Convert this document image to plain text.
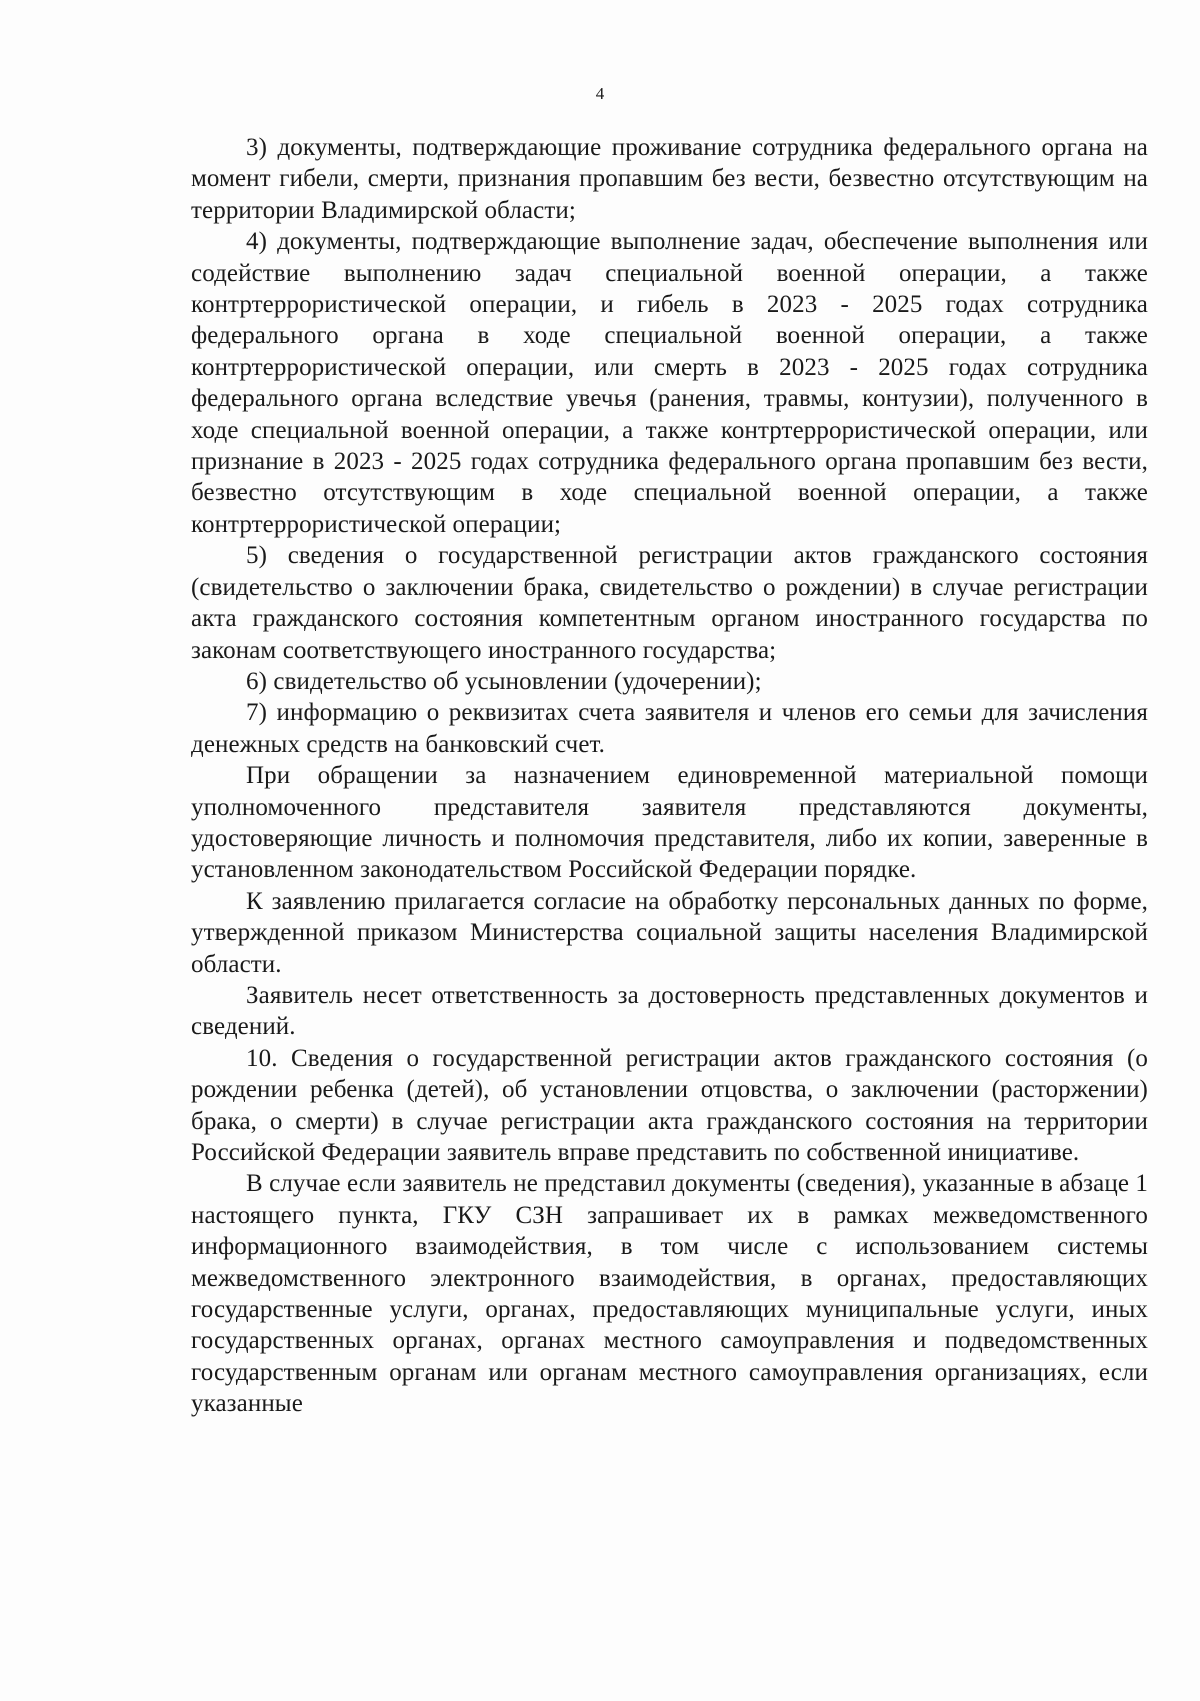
4

3) документы, подтверждающие проживание сотрудника федерального органа на момент гибели, смерти, признания пропавшим без вести, безвестно отсутствующим на территории Владимирской области;

4) документы, подтверждающие выполнение задач, обеспечение выполнения или содействие выполнению задач специальной военной операции, а также контртеррористической операции, и гибель в 2023 - 2025 годах сотрудника федерального органа в ходе специальной военной операции, а также контртеррористической операции, или смерть в 2023 - 2025 годах сотрудника федерального органа вследствие увечья (ранения, травмы, контузии), полученного в ходе специальной военной операции, а также контртеррористической операции, или признание в 2023 - 2025 годах сотрудника федерального органа пропавшим без вести, безвестно отсутствующим в ходе специальной военной операции, а также контртеррористической операции;

5) сведения о государственной регистрации актов гражданского состояния (свидетельство о заключении брака, свидетельство о рождении) в случае регистрации акта гражданского состояния компетентным органом иностранного государства по законам соответствующего иностранного государства;

6) свидетельство об усыновлении (удочерении);

7) информацию о реквизитах счета заявителя и членов его семьи для зачисления денежных средств на банковский счет.

При обращении за назначением единовременной материальной помощи уполномоченного представителя заявителя представляются документы, удостоверяющие личность и полномочия представителя, либо их копии, заверенные в установленном законодательством Российской Федерации порядке.

К заявлению прилагается согласие на обработку персональных данных по форме, утвержденной приказом Министерства социальной защиты населения Владимирской области.

Заявитель несет ответственность за достоверность представленных документов и сведений.

10. Сведения о государственной регистрации актов гражданского состояния (о рождении ребенка (детей), об установлении отцовства, о заключении (расторжении) брака, о смерти) в случае регистрации акта гражданского состояния на территории Российской Федерации заявитель вправе представить по собственной инициативе.

В случае если заявитель не представил документы (сведения), указанные в абзаце 1 настоящего пункта, ГКУ СЗН запрашивает их в рамках межведомственного информационного взаимодействия, в том числе с использованием системы межведомственного электронного взаимодействия, в органах, предоставляющих государственные услуги, органах, предоставляющих муниципальные услуги, иных государственных органах, органах местного самоуправления и подведомственных государственным органам или органам местного самоуправления организациях, если указанные
